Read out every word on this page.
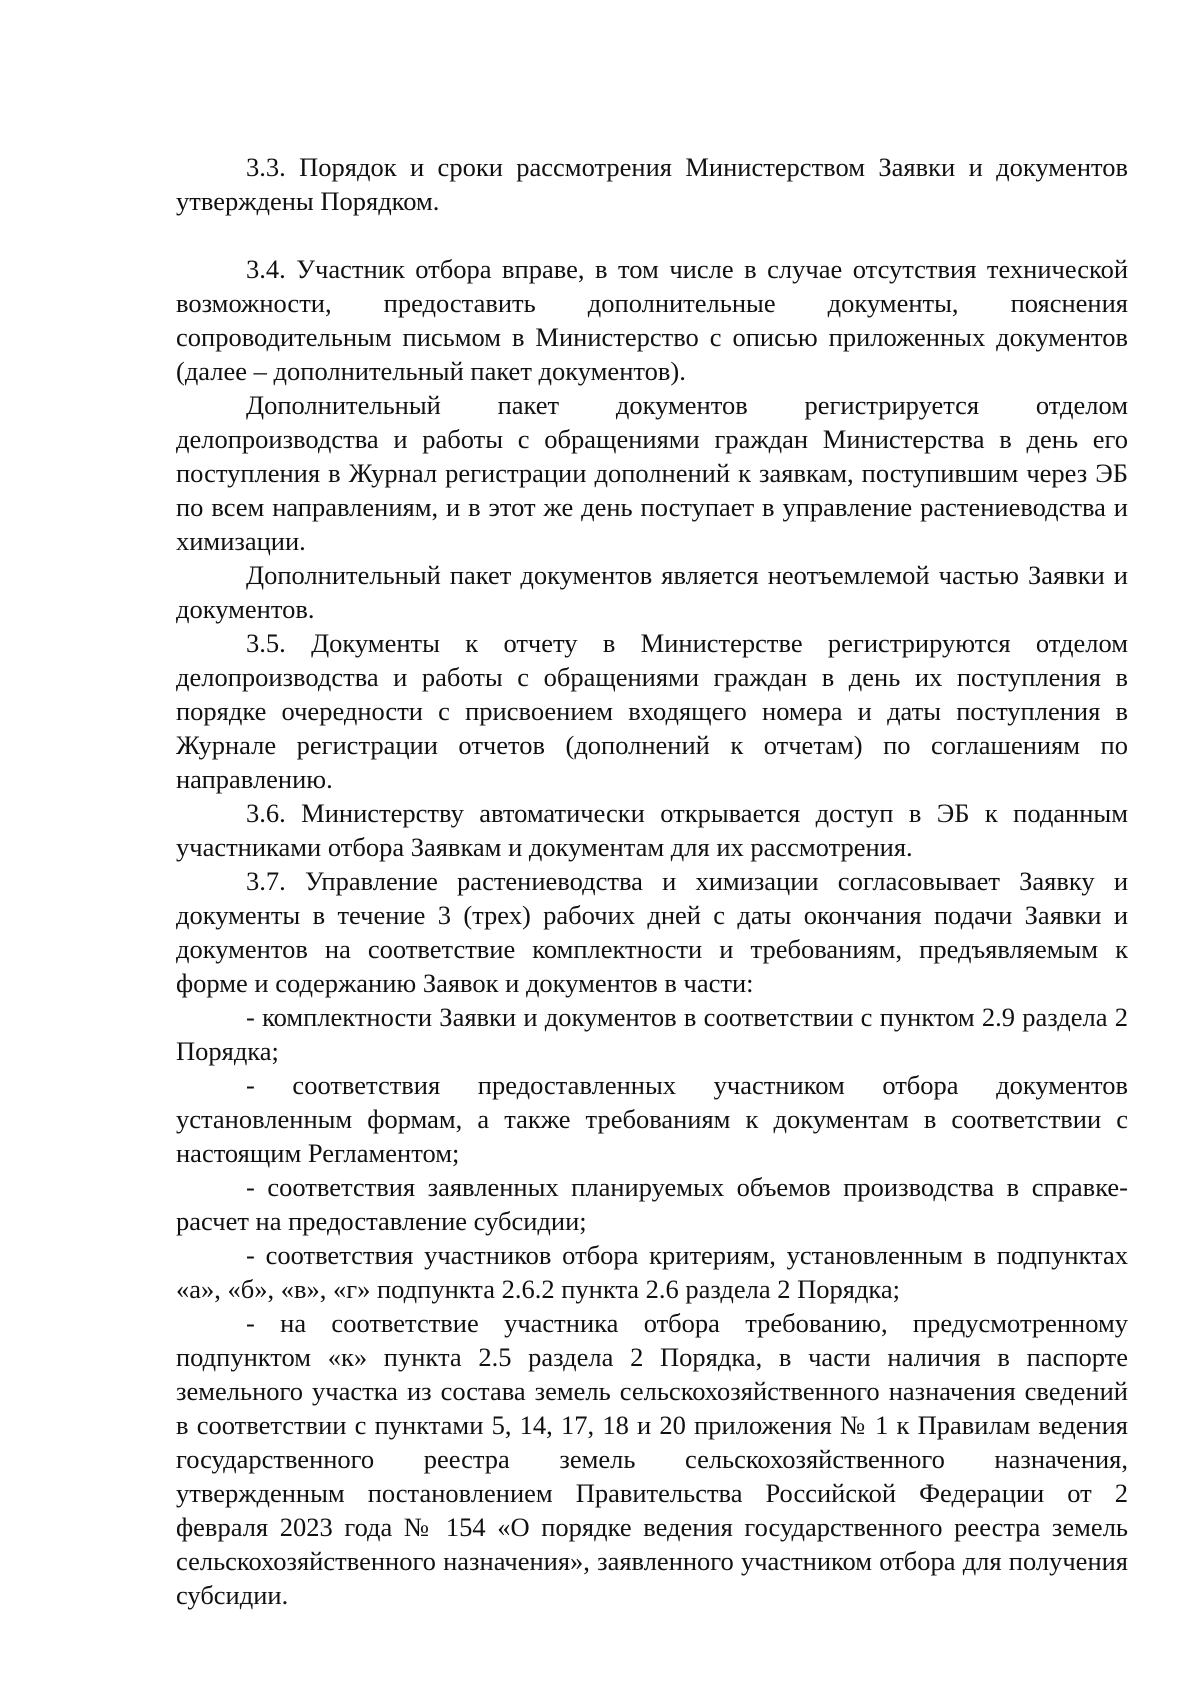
3.3. Порядок и сроки рассмотрения Министерством Заявки и документов утверждены Порядком.

3.4. Участник отбора вправе, в том числе в случае отсутствия технической возможности, предоставить дополнительные документы, пояснения сопроводительным письмом в Министерство с описью приложенных документов (далее – дополнительный пакет документов).

Дополнительный пакет документов регистрируется отделом делопроизводства и работы с обращениями граждан Министерства в день его поступления в Журнал регистрации дополнений к заявкам, поступившим через ЭБ по всем направлениям, и в этот же день поступает в управление растениеводства и химизации.

Дополнительный пакет документов является неотъемлемой частью Заявки и документов.

3.5. Документы к отчету в Министерстве регистрируются отделом делопроизводства и работы с обращениями граждан в день их поступления в порядке очередности с присвоением входящего номера и даты поступления в Журнале регистрации отчетов (дополнений к отчетам) по соглашениям по направлению.

3.6. Министерству автоматически открывается доступ в ЭБ к поданным участниками отбора Заявкам и документам для их рассмотрения.

3.7. Управление растениеводства и химизации согласовывает Заявку и документы в течение 3 (трех) рабочих дней с даты окончания подачи Заявки и документов на соответствие комплектности и требованиям, предъявляемым к форме и содержанию Заявок и документов в части:

- комплектности Заявки и документов в соответствии с пунктом 2.9 раздела 2 Порядка;

- соответствия предоставленных участником отбора документов установленным формам, а также требованиям к документам в соответствии с настоящим Регламентом;

- соответствия заявленных планируемых объемов производства в справке-расчет на предоставление субсидии;

- соответствия участников отбора критериям, установленным в подпунктах «а», «б», «в», «г» подпункта 2.6.2 пункта 2.6 раздела 2 Порядка;

- на соответствие участника отбора требованию, предусмотренному подпунктом «к» пункта 2.5 раздела 2 Порядка, в части наличия в паспорте земельного участка из состава земель сельскохозяйственного назначения сведений в соответствии с пунктами 5, 14, 17, 18 и 20 приложения № 1 к Правилам ведения государственного реестра земель сельскохозяйственного назначения, утвержденным постановлением Правительства Российской Федерации от 2 февраля 2023 года № 154 «О порядке ведения государственного реестра земель сельскохозяйственного назначения», заявленного участником отбора для получения субсидии.
